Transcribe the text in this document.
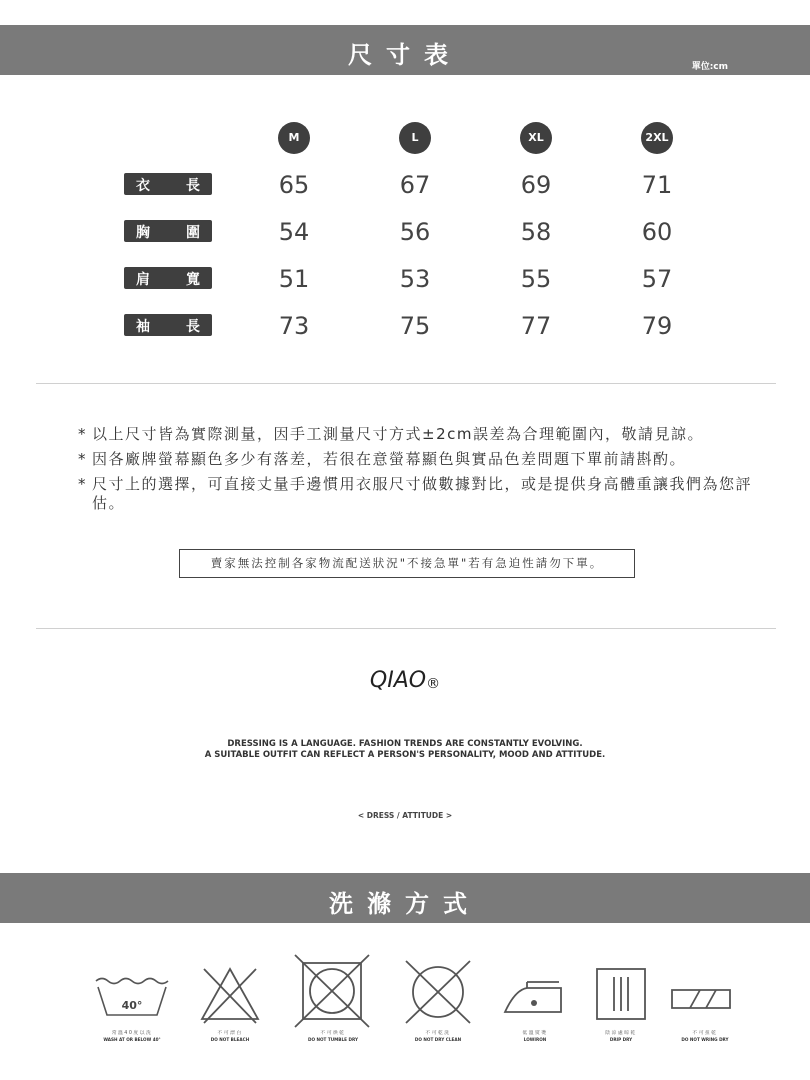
尺寸表	單位:cm
M	L	XL	2XL
衣	長	65	67	69	71
胸	圍	54	56	58	60
肩	寬	51	53	55	57
袖	長	73	75	77	79
* 以上尺寸皆為實際測量，因手工測量尺寸方式±2cm誤差為合理範圍內，敬請見諒。
* 因各廠牌螢幕顯色多少有落差，若很在意螢幕顯色與實品色差問題下單前請斟酌。
* 尺寸上的選擇，可直接丈量手邊慣用衣服尺寸做數據對比，或是提供身高體重讓我們為您評估。
賣家無法控制各家物流配送狀況"不接急單"若有急迫性請勿下單。
QIAO®
DRESSING IS A LANGUAGE. FASHION TRENDS ARE CONSTANTLY EVOLVING.
A SUITABLE OUTFIT CAN REFLECT A PERSON'S PERSONALITY, MOOD AND ATTITUDE.
< DRESS / ATTITUDE >
洗滌方式
40°
常溫40度以洗
WASH AT OR BELOW 40°
不可漂白
DO NOT BLEACH
不可烘乾
DO NOT TUMBLE DRY
不可乾洗
DO NOT DRY CLEAN
低溫熨燙
LOWIRON
陰涼處晾乾
DRIP DRY
不可扭乾
DO NOT WRING DRY
